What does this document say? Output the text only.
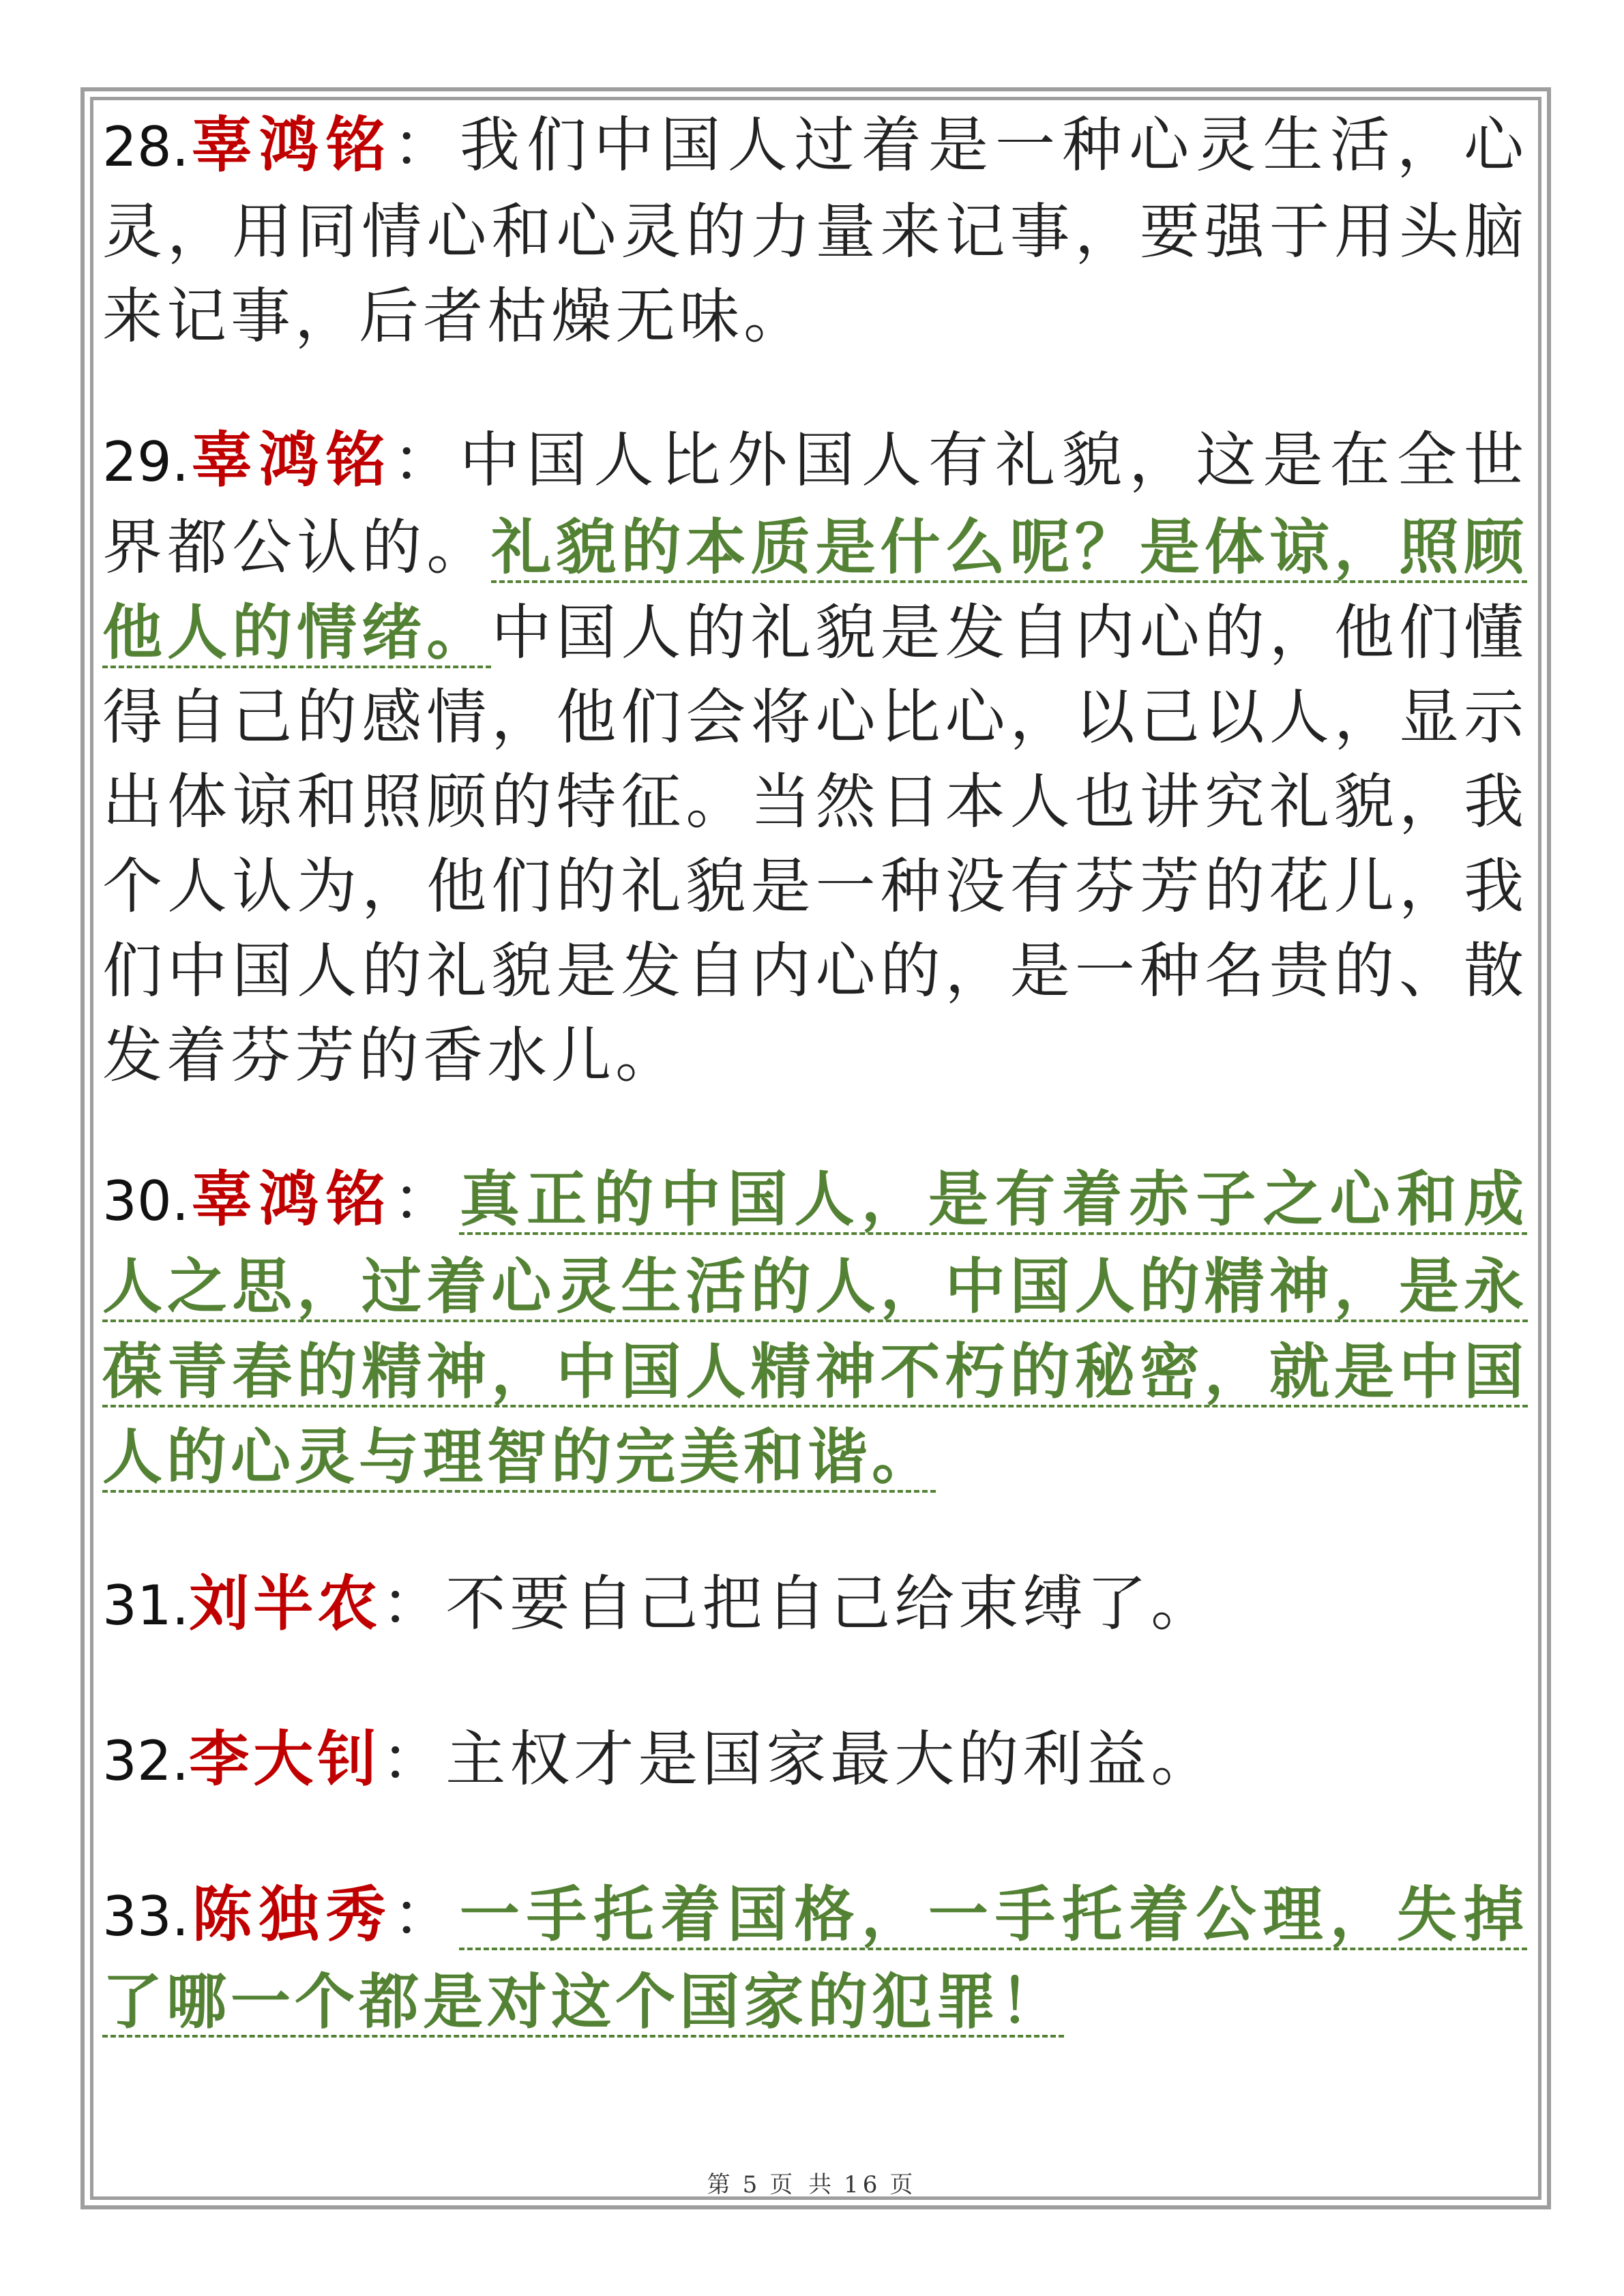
28.辜鸿铭：我们中国人过着是一种心灵生活，心灵，用同情心和心灵的力量来记事，要强于用头脑来记事，后者枯燥无味。

29.辜鸿铭：中国人比外国人有礼貌，这是在全世界都公认的。礼貌的本质是什么呢？是体谅，照顾他人的情绪。中国人的礼貌是发自内心的，他们懂得自己的感情，他们会将心比心，以己以人，显示出体谅和照顾的特征。当然日本人也讲究礼貌，我个人认为，他们的礼貌是一种没有芬芳的花儿，我们中国人的礼貌是发自内心的，是一种名贵的、散发着芬芳的香水儿。

30.辜鸿铭：真正的中国人，是有着赤子之心和成人之思，过着心灵生活的人，中国人的精神，是永葆青春的精神，中国人精神不朽的秘密，就是中国人的心灵与理智的完美和谐。

31.刘半农：不要自己把自己给束缚了。

32.李大钊：主权才是国家最大的利益。

33.陈独秀：一手托着国格，一手托着公理，失掉了哪一个都是对这个国家的犯罪！

第 5 页 共 16 页
